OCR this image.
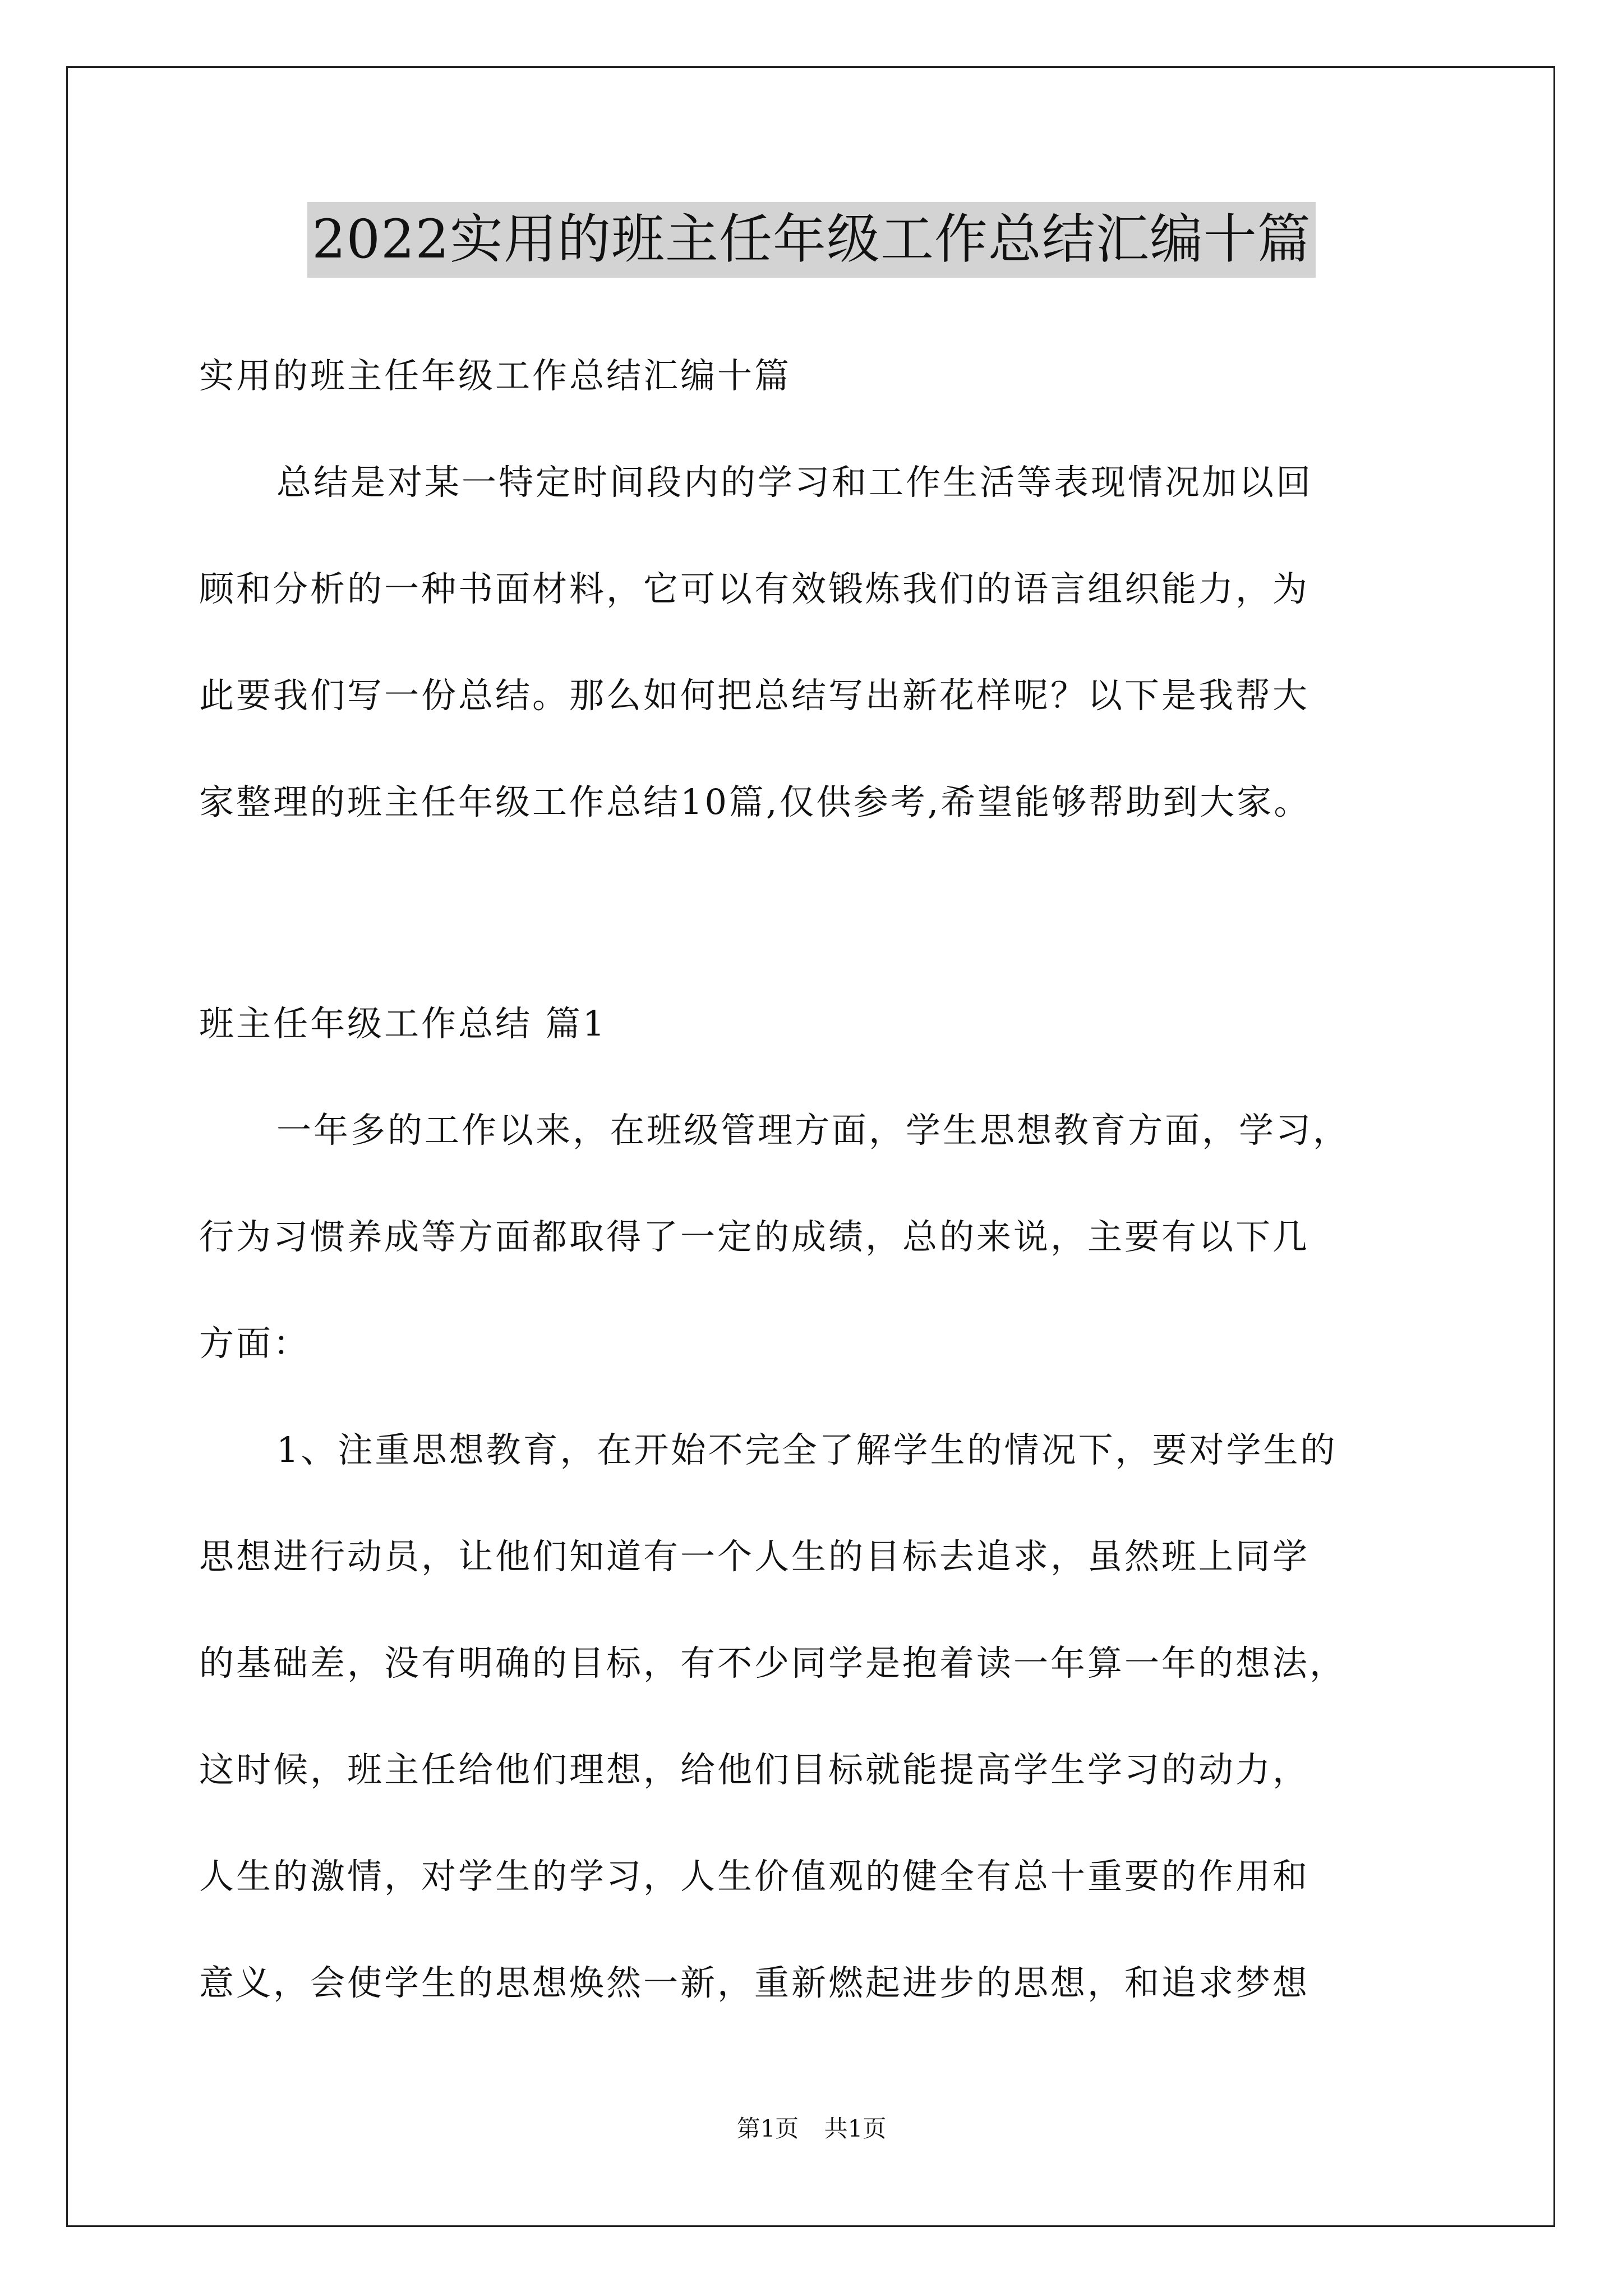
2022实用的班主任年级工作总结汇编十篇
实用的班主任年级工作总结汇编十篇
总结是对某一特定时间段内的学习和工作生活等表现情况加以回
顾和分析的一种书面材料，它可以有效锻炼我们的语言组织能力，为
此要我们写一份总结。那么如何把总结写出新花样呢？以下是我帮大
家整理的班主任年级工作总结10篇,仅供参考,希望能够帮助到大家。
班主任年级工作总结 篇1
一年多的工作以来，在班级管理方面，学生思想教育方面，学习，
行为习惯养成等方面都取得了一定的成绩，总的来说，主要有以下几
方面：
1、注重思想教育，在开始不完全了解学生的情况下，要对学生的
思想进行动员，让他们知道有一个人生的目标去追求，虽然班上同学
的基础差，没有明确的目标，有不少同学是抱着读一年算一年的想法，
这时候，班主任给他们理想，给他们目标就能提高学生学习的动力，
人生的激情，对学生的学习，人生价值观的健全有总十重要的作用和
意义，会使学生的思想焕然一新，重新燃起进步的思想，和追求梦想
第1页 共1页
